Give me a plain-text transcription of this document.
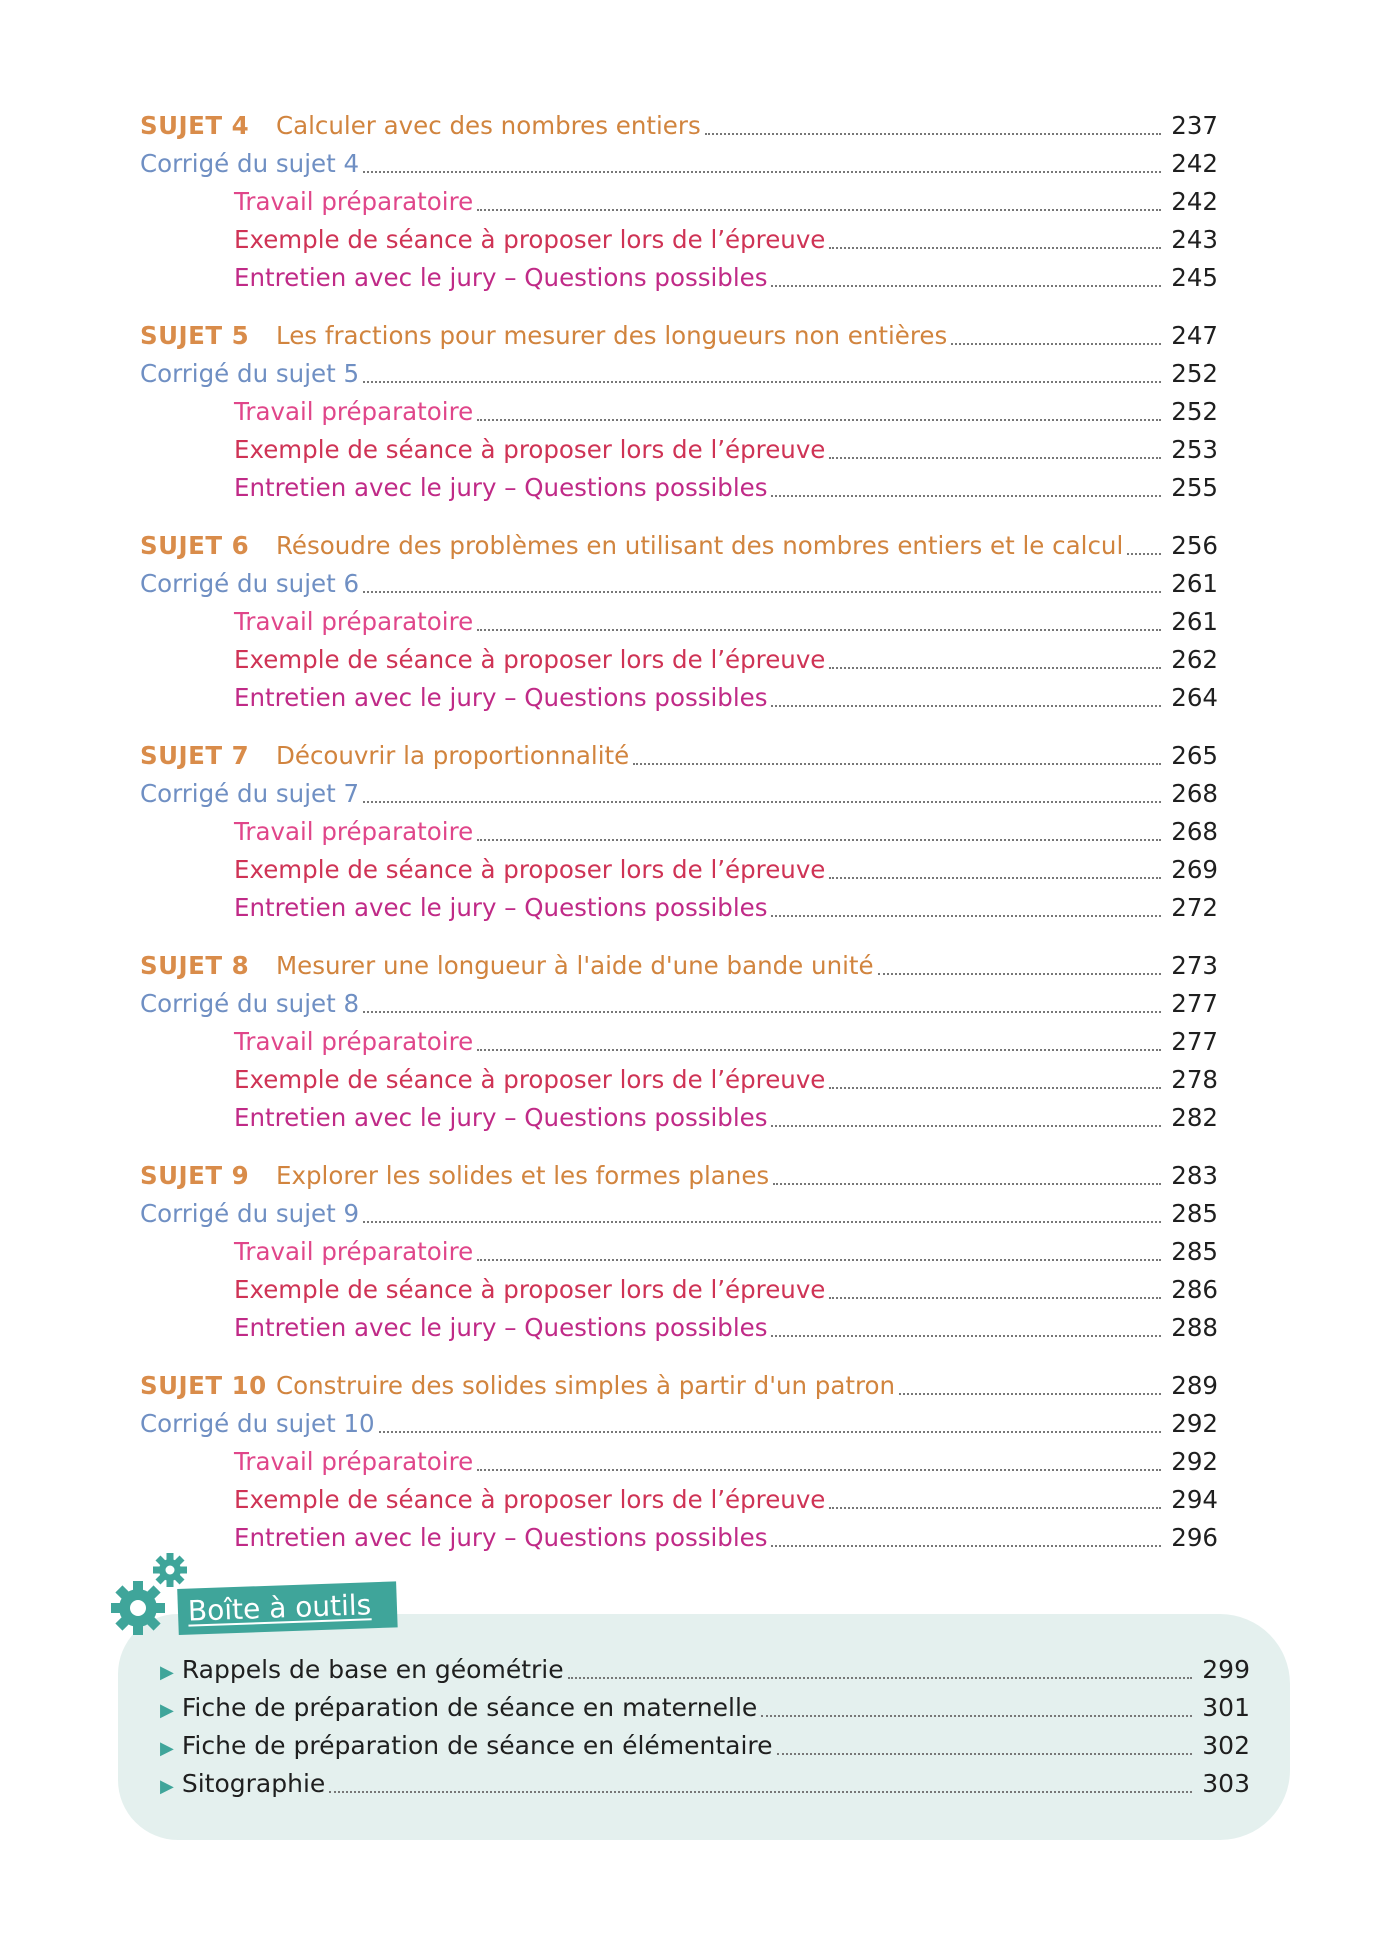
SUJET 4	Calculer avec des nombres entiers	237
Corrigé du sujet 4	242
Travail préparatoire	242
Exemple de séance à proposer lors de l’épreuve	243
Entretien avec le jury – Questions possibles	245
SUJET 5	Les fractions pour mesurer des longueurs non entières	247
Corrigé du sujet 5	252
Travail préparatoire	252
Exemple de séance à proposer lors de l’épreuve	253
Entretien avec le jury – Questions possibles	255
SUJET 6	Résoudre des problèmes en utilisant des nombres entiers et le calcul 256
Corrigé du sujet 6	261
Travail préparatoire	261
Exemple de séance à proposer lors de l’épreuve	262
Entretien avec le jury – Questions possibles	264
SUJET 7	Découvrir la proportionnalité	265
Corrigé du sujet 7	268
Travail préparatoire	268
Exemple de séance à proposer lors de l’épreuve	269
Entretien avec le jury – Questions possibles	272
SUJET 8	Mesurer une longueur à l'aide d'une bande unité	273
Corrigé du sujet 8	277
Travail préparatoire	277
Exemple de séance à proposer lors de l’épreuve	278
Entretien avec le jury – Questions possibles	282
SUJET 9	Explorer les solides et les formes planes	283
Corrigé du sujet 9	285
Travail préparatoire	285
Exemple de séance à proposer lors de l’épreuve	286
Entretien avec le jury – Questions possibles	288
SUJET 10 Construire des solides simples à partir d'un patron	289
Corrigé du sujet 10	292
Travail préparatoire	292
Exemple de séance à proposer lors de l’épreuve	294
Entretien avec le jury – Questions possibles	296
Boîte à outils
▶ Rappels de base en géométrie	299
▶ Fiche de préparation de séance en maternelle	301
▶ Fiche de préparation de séance en élémentaire	302
▶ Sitographie	303
